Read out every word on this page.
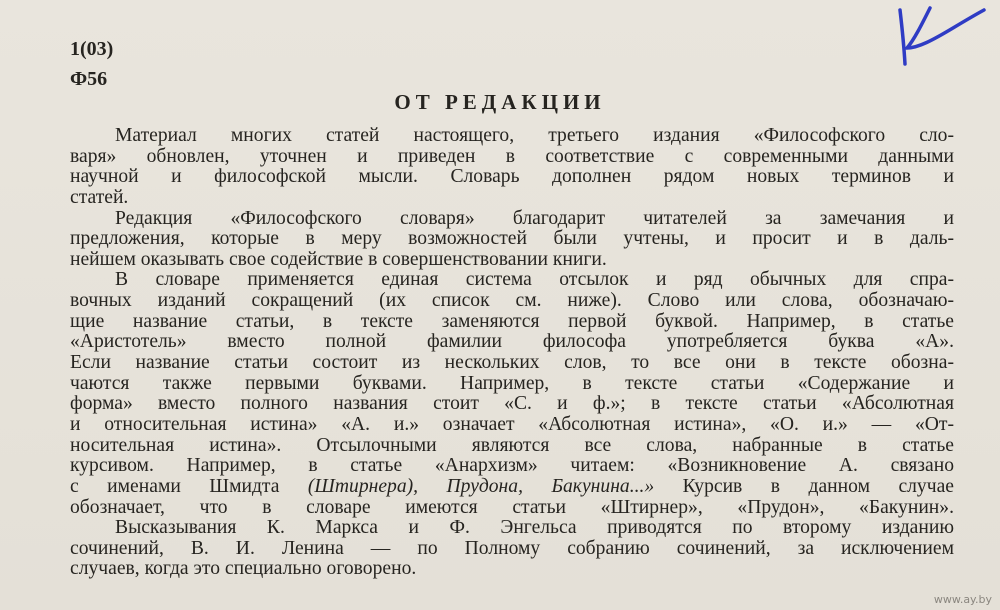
1(03)
Ф56
ОТ РЕДАКЦИИ
Материал многих статей настоящего, третьего издания «Философского сло-
варя» обновлен, уточнен и приведен в соответствие с современными данными
научной и философской мысли. Словарь дополнен рядом новых терминов и
статей.
Редакция «Философского словаря» благодарит читателей за замечания и
предложения, которые в меру возможностей были учтены, и просит и в даль-
нейшем оказывать свое содействие в совершенствовании книги.
В словаре применяется единая система отсылок и ряд обычных для спра-
вочных изданий сокращений (их список см. ниже). Слово или слова, обозначаю-
щие название статьи, в тексте заменяются первой буквой. Например, в статье
«Аристотель» вместо полной фамилии философа употребляется буква «А».
Если название статьи состоит из нескольких слов, то все они в тексте обозна-
чаются также первыми буквами. Например, в тексте статьи «Содержание и
форма» вместо полного названия стоит «С. и ф.»; в тексте статьи «Абсолютная
и относительная истина» «А. и.» означает «Абсолютная истина», «О. и.» — «От-
носительная истина». Отсылочными являются все слова, набранные в статье
курсивом. Например, в статье «Анархизм» читаем: «Возникновение А. связано
с именами Шмидта (Штирнера), Прудона, Бакунина...» Курсив в данном случае
обозначает, что в словаре имеются статьи «Штирнер», «Прудон», «Бакунин».
Высказывания К. Маркса и Ф. Энгельса приводятся по второму изданию
сочинений, В. И. Ленина — по Полному собранию сочинений, за исключением
случаев, когда это специально оговорено.
www.ay.by
